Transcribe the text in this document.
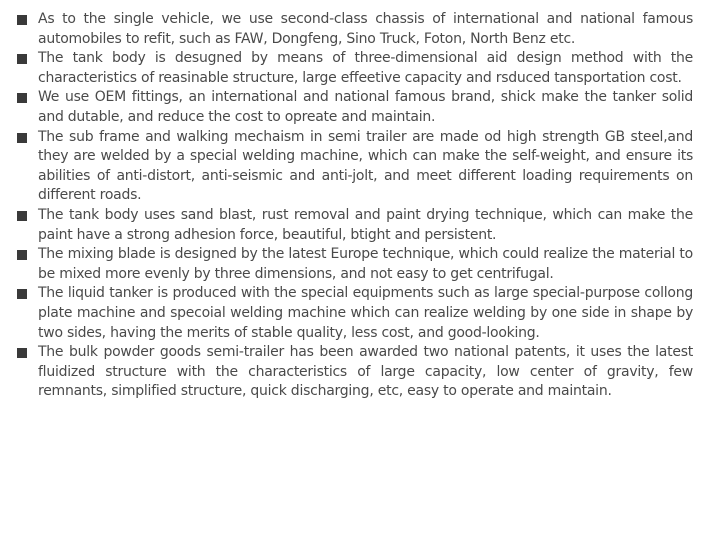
As to the single vehicle, we use second-class chassis of international and national famous automobiles to refit, such as FAW, Dongfeng, Sino Truck, Foton, North Benz etc.
The tank body is desugned by means of three-dimensional aid design method with the characteristics of reasinable structure, large effeetive capacity and rsduced tansportation cost.
We use OEM fittings, an international and national famous brand, shick make the tanker solid and dutable, and reduce the cost to opreate and maintain.
The sub frame and walking mechaism in semi trailer are made od high strength GB steel,and they are welded by a special welding machine, which can make the self-weight, and ensure its abilities of anti-distort, anti-seismic and anti-jolt, and meet different loading requirements on different roads.
The tank body uses sand blast, rust removal and paint drying technique, which can make the paint have a strong adhesion force, beautiful, btight and persistent.
The mixing blade is designed by the latest Europe technique, which could realize the material to be mixed more evenly by three dimensions, and not easy to get centrifugal.
The liquid tanker is produced with the special equipments such as large special-purpose collong plate machine and specoial welding machine which can realize welding by one side in shape by two sides, having the merits of stable quality, less cost, and good-looking.
The bulk powder goods semi-trailer has been awarded two national patents, it uses the latest fluidized structure with the characteristics of large capacity, low center of gravity, few remnants, simplified structure, quick discharging, etc, easy to operate and maintain.
